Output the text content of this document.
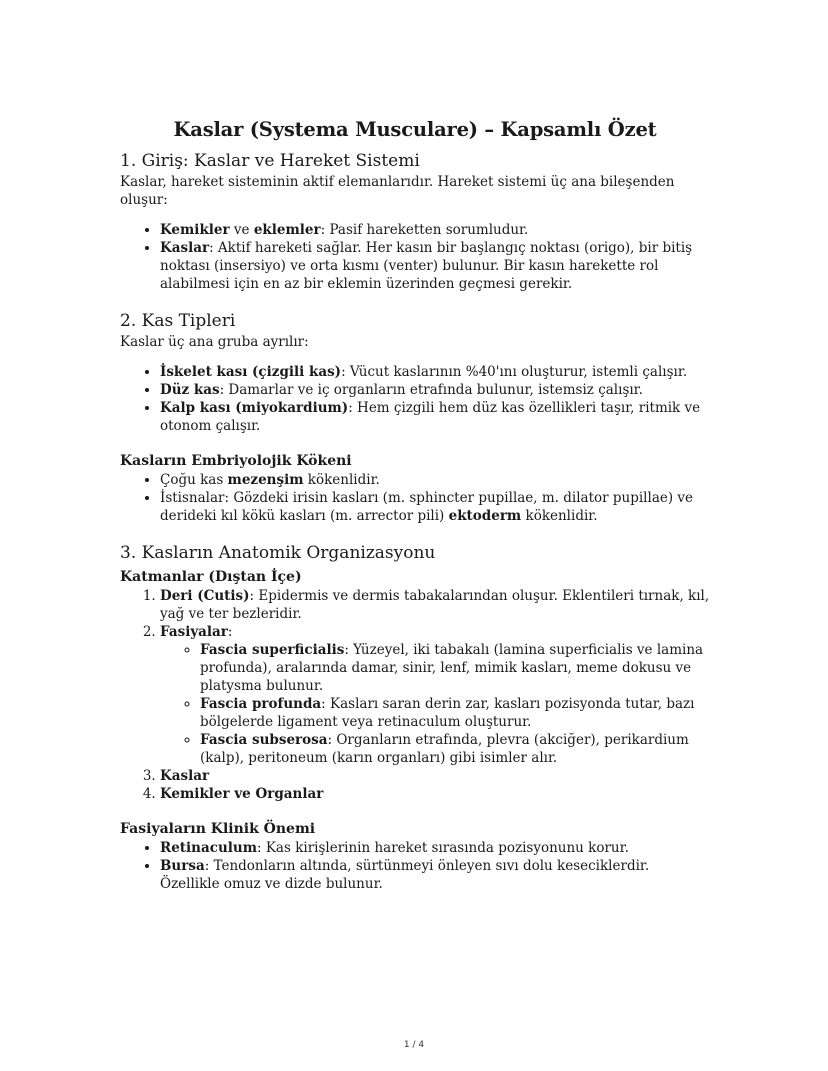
Kaslar (Systema Musculare) – Kapsamlı Özet
1. Giriş: Kaslar ve Hareket Sistemi

Kaslar, hareket sisteminin aktif elemanlarıdır. Hareket sistemi üç ana bileşenden oluşur:

• Kemikler ve eklemler: Pasif hareketten sorumludur.
• Kaslar: Aktif hareketi sağlar. Her kasın bir başlangıç noktası (origo), bir bitiş noktası (insersiyo) ve orta kısmı (venter) bulunur. Bir kasın harekette rol alabilmesi için en az bir eklemin üzerinden geçmesi gerekir.
2. Kas Tipleri

Kaslar üç ana gruba ayrılır:

• İskelet kası (çizgili kas): Vücut kaslarının %40'ını oluşturur, istemli çalışır.
• Düz kas: Damarlar ve iç organların etrafında bulunur, istemsiz çalışır.
• Kalp kası (miyokardium): Hem çizgili hem düz kas özellikleri taşır, ritmik ve otonom çalışır.
Kasların Embriyolojik Kökeni
• Çoğu kas mezenşim kökenlidir.
• İstisnalar: Gözdeki irisin kasları (m. sphincter pupillae, m. dilator pupillae) ve derideki kıl kökü kasları (m. arrector pili) ektoderm kökenlidir.
3. Kasların Anatomik Organizasyonu
Katmanlar (Dıştan İçe)
1. Deri (Cutis): Epidermis ve dermis tabakalarından oluşur. Eklentileri tırnak, kıl, yağ ve ter bezleridir.
2. Fasiyalar:
◦ Fascia superficialis: Yüzeyel, iki tabakalı (lamina superficialis ve lamina profunda), aralarında damar, sinir, lenf, mimik kasları, meme dokusu ve platysma bulunur.
◦ Fascia profunda: Kasları saran derin zar, kasları pozisyonda tutar, bazı bölgelerde ligament veya retinaculum oluşturur.
◦ Fascia subserosa: Organların etrafında, plevra (akciğer), perikardium (kalp), peritoneum (karın organları) gibi isimler alır.
3. Kaslar
4. Kemikler ve Organlar
Fasiyaların Klinik Önemi
• Retinaculum: Kas kirişlerinin hareket sırasında pozisyonunu korur.
• Bursa: Tendonların altında, sürtünmeyi önleyen sıvı dolu keseciklerdir. Özellikle omuz ve dizde bulunur.
1 / 4
